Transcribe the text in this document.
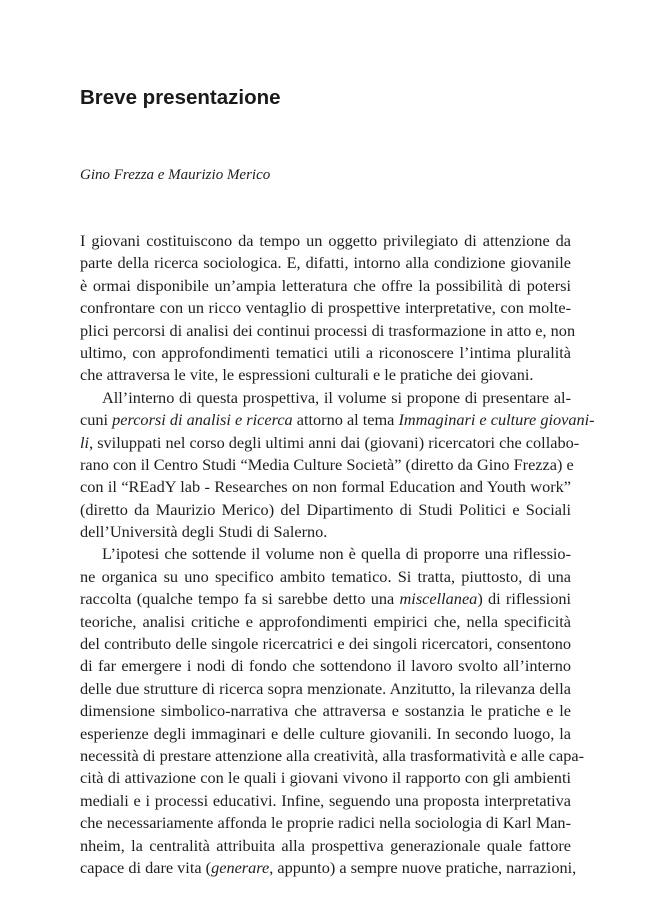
Breve presentazione

Gino Frezza e Maurizio Merico

I giovani costituiscono da tempo un oggetto privilegiato di attenzione da
parte della ricerca sociologica. E, difatti, intorno alla condizione giovanile
è ormai disponibile un’ampia letteratura che offre la possibilità di potersi
confrontare con un ricco ventaglio di prospettive interpretative, con molte-
plici percorsi di analisi dei continui processi di trasformazione in atto e, non
ultimo, con approfondimenti tematici utili a riconoscere l’intima pluralità
che attraversa le vite, le espressioni culturali e le pratiche dei giovani.
All’interno di questa prospettiva, il volume si propone di presentare al-
cuni percorsi di analisi e ricerca attorno al tema Immaginari e culture giovani-
li, sviluppati nel corso degli ultimi anni dai (giovani) ricercatori che collabo-
rano con il Centro Studi “Media Culture Società” (diretto da Gino Frezza) e
con il “REadY lab - Researches on non formal Education and Youth work”
(diretto da Maurizio Merico) del Dipartimento di Studi Politici e Sociali
dell’Università degli Studi di Salerno.
L’ipotesi che sottende il volume non è quella di proporre una riflessio-
ne organica su uno specifico ambito tematico. Si tratta, piuttosto, di una
raccolta (qualche tempo fa si sarebbe detto una miscellanea) di riflessioni
teoriche, analisi critiche e approfondimenti empirici che, nella specificità
del contributo delle singole ricercatrici e dei singoli ricercatori, consentono
di far emergere i nodi di fondo che sottendono il lavoro svolto all’interno
delle due strutture di ricerca sopra menzionate. Anzitutto, la rilevanza della
dimensione simbolico-narrativa che attraversa e sostanzia le pratiche e le
esperienze degli immaginari e delle culture giovanili. In secondo luogo, la
necessità di prestare attenzione alla creatività, alla trasformatività e alle capa-
cità di attivazione con le quali i giovani vivono il rapporto con gli ambienti
mediali e i processi educativi. Infine, seguendo una proposta interpretativa
che necessariamente affonda le proprie radici nella sociologia di Karl Man-
nheim, la centralità attribuita alla prospettiva generazionale quale fattore
capace di dare vita (generare, appunto) a sempre nuove pratiche, narrazioni,
